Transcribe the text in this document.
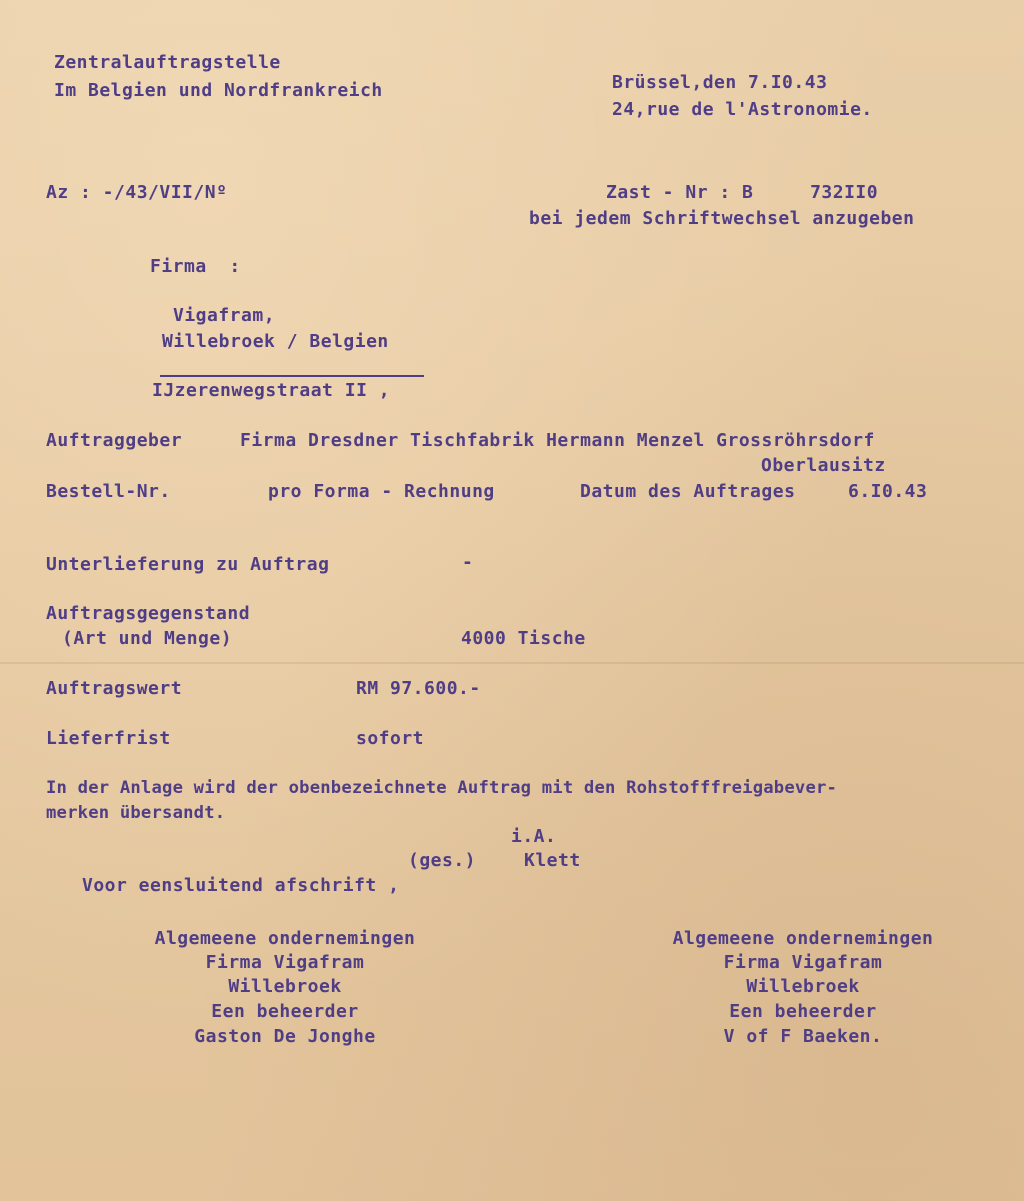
Zentralauftragstelle
Im Belgien und Nordfrankreich	Brüssel,den 7.I0.43
24,rue de l'Astronomie.
Az : -/43/VII/Nº	Zast - Nr : B     732II0
bei jedem Schriftwechsel anzugeben
Firma  :
Vigafram,
Willebroek / Belgien
IJzerenwegstraat II ,
Auftraggeber	Firma Dresdner Tischfabrik Hermann Menzel Grossröhrsdorf
Oberlausitz
Bestell-Nr.	pro Forma - Rechnung	Datum des Auftrages	6.I0.43
Unterlieferung zu Auftrag	-
Auftragsgegenstand
(Art und Menge)	4000 Tische
Auftragswert	RM 97.600.-
Lieferfrist	sofort
In der Anlage wird der obenbezeichnete Auftrag mit den Rohstofffreigabever-
merken übersandt.
i.A.
(ges.)	Klett
Voor eensluitend afschrift ,
Algemeene ondernemingen
Firma Vigafram
Willebroek
Een beheerder
Gaston De Jonghe
Algemeene ondernemingen
Firma Vigafram
Willebroek
Een beheerder
V of F Baeken.
